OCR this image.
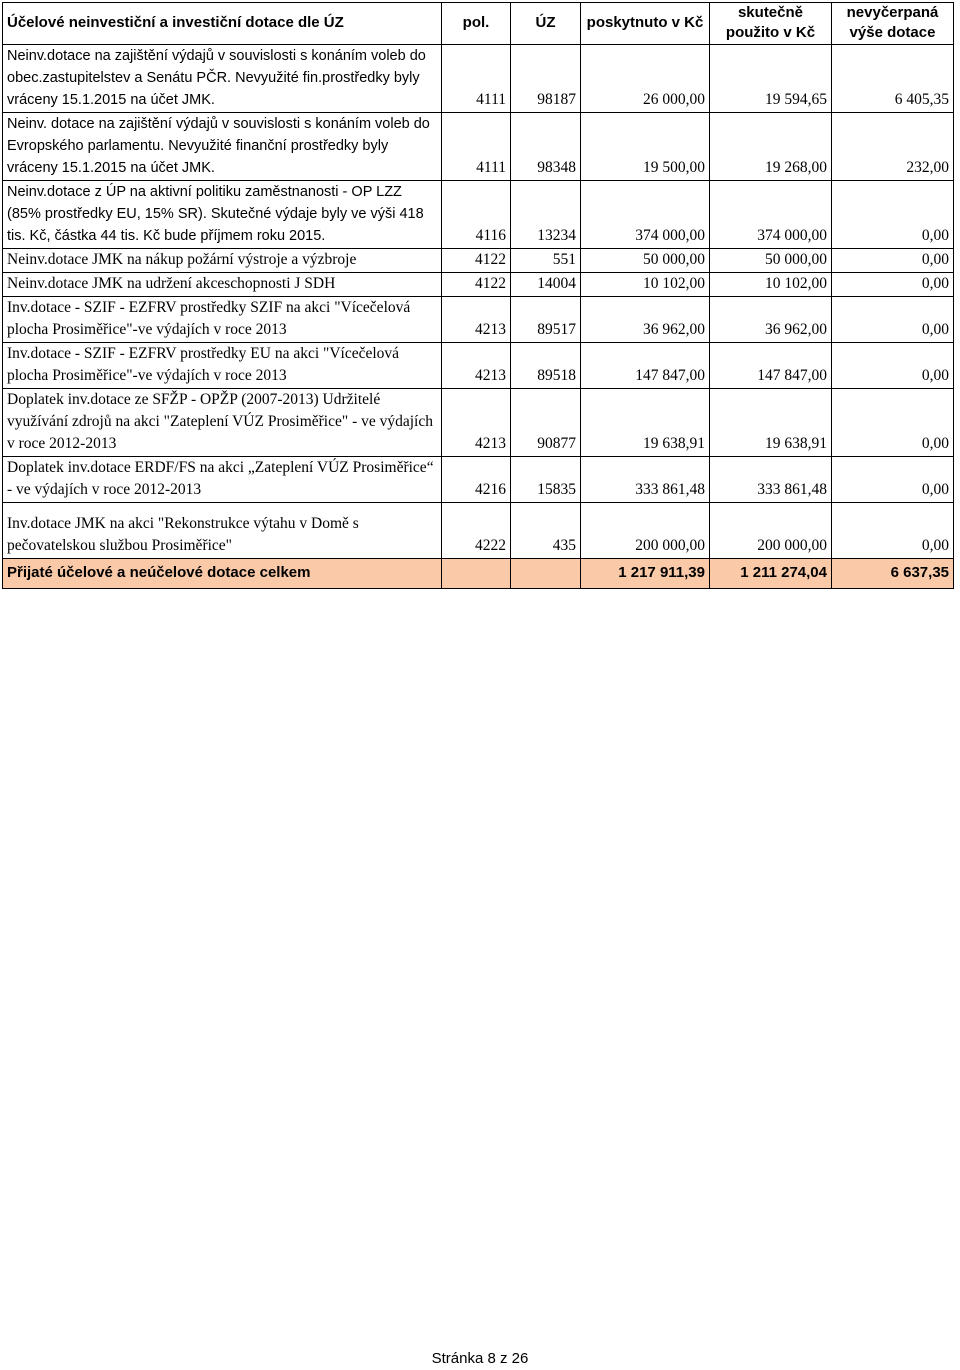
Účelové neinvestiční a investiční dotace dle ÚZ	pol.	ÚZ	poskytnuto v Kč	skutečně použito v Kč	nevyčerpaná výše dotace
Neinv.dotace na zajištění výdajů v souvislosti s konáním voleb do obec.zastupitelstev a Senátu PČR. Nevyužité fin.prostředky byly vráceny 15.1.2015 na účet JMK.	4111	98187	26 000,00	19 594,65	6 405,35
Neinv. dotace na zajištění výdajů v souvislosti s konáním voleb do Evropského parlamentu. Nevyužité finanční prostředky byly vráceny 15.1.2015 na účet JMK.	4111	98348	19 500,00	19 268,00	232,00
Neinv.dotace z ÚP na aktivní politiku zaměstnanosti - OP LZZ (85% prostředky EU, 15% SR). Skutečné výdaje byly ve výši 418 tis. Kč, částka 44 tis. Kč bude příjmem roku 2015.	4116	13234	374 000,00	374 000,00	0,00
Neinv.dotace JMK na nákup požární výstroje a výzbroje	4122	551	50 000,00	50 000,00	0,00
Neinv.dotace JMK na udržení akceschopnosti J SDH	4122	14004	10 102,00	10 102,00	0,00
Inv.dotace - SZIF - EZFRV prostředky SZIF na akci "Vícečelová plocha Prosiměřice"-ve výdajích v roce 2013	4213	89517	36 962,00	36 962,00	0,00
Inv.dotace - SZIF - EZFRV prostředky EU na akci "Vícečelová plocha Prosiměřice"-ve výdajích v roce 2013	4213	89518	147 847,00	147 847,00	0,00
Doplatek inv.dotace ze SFŽP - OPŽP (2007-2013) Udržitelé využívání zdrojů na akci "Zateplení VÚZ Prosiměřice" - ve výdajích v roce 2012-2013	4213	90877	19 638,91	19 638,91	0,00
Doplatek inv.dotace ERDF/FS na akci „Zateplení VÚZ Prosiměřice“ - ve výdajích v roce 2012-2013	4216	15835	333 861,48	333 861,48	0,00

Inv.dotace JMK na akci "Rekonstrukce výtahu v Domě s pečovatelskou službou Prosiměřice"	4222	435	200 000,00	200 000,00	0,00
Přijaté účelové a neúčelové dotace celkem			1 217 911,39	1 211 274,04	6 637,35
Stránka 8 z 26
